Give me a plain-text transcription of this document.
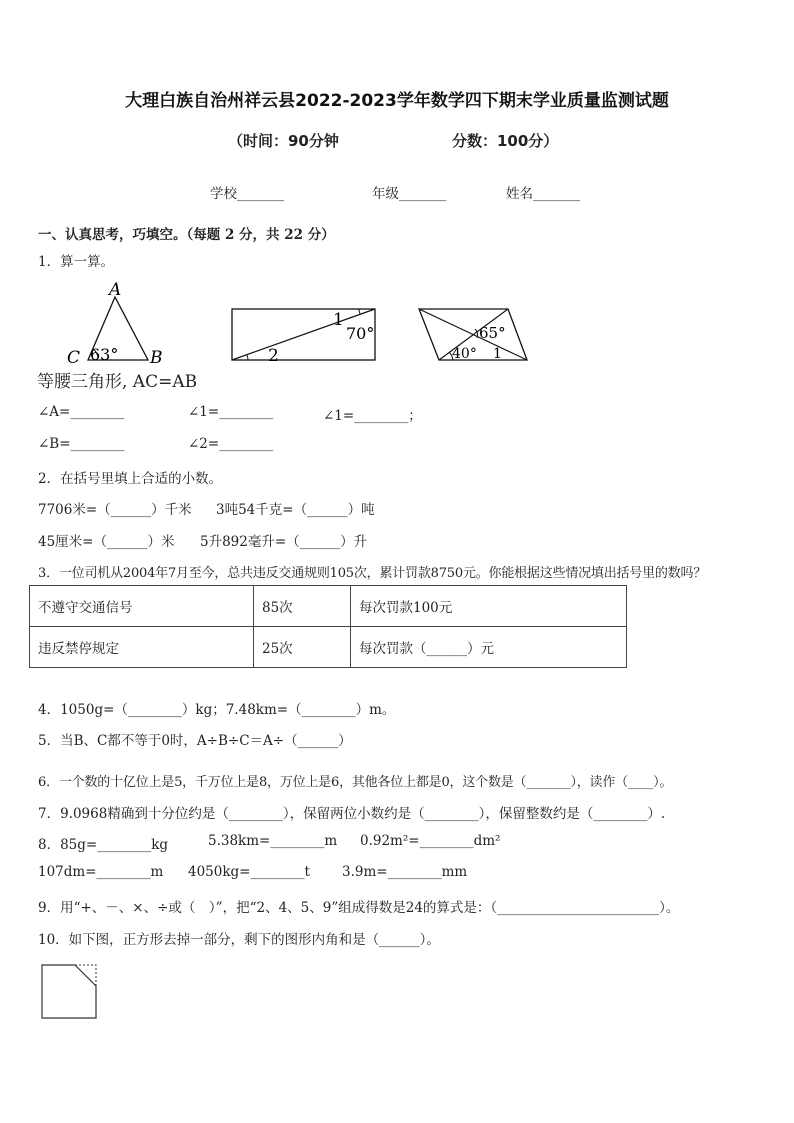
大理白族自治州祥云县2022-2023学年数学四下期末学业质量监测试题
（时间：90分钟	分数：100分）
学校_______	年级_______	姓名_______
一、认真思考，巧填空。（每题 2 分，共 22 分）
1．算一算。
A
C	B
63°
等腰三角形, AC=AB
2
1
70°	65°
40° 1
∠A=________	∠1=________	∠1=________；
∠B=________	∠2=________
2．在括号里填上合适的小数。
7706米=（______）千米 3吨54千克=（______）吨
45厘米=（______）米 5升892毫升=（______）升
3．一位司机从2004年7月至今，总共违反交通规则105次，累计罚款8750元。你能根据这些情况填出括号里的数吗？
不遵守交通信号	85次	每次罚款100元
违反禁停规定	25次	每次罚款（______）元
4．1050g=（________）kg；7.48km=（________）m。
5．当B、C都不等于0时，A÷B÷C＝A÷（______）
6．一个数的十亿位上是5，千万位上是8，万位上是6，其他各位上都是0，这个数是（_______），读作（____）。
7．9.0968精确到十分位约是（________），保留两位小数约是（________），保留整数约是（________）.
8．85g=________kg	5.38km=________m 0.92m²=________dm²
107dm=________m 4050kg=________t 3.9m=________mm
9．用“+、－、×、÷或（　）”，把“2、4、5、9”组成得数是24的算式是：（________________________）。
10．如下图，正方形去掉一部分，剩下的图形内角和是（______）。
